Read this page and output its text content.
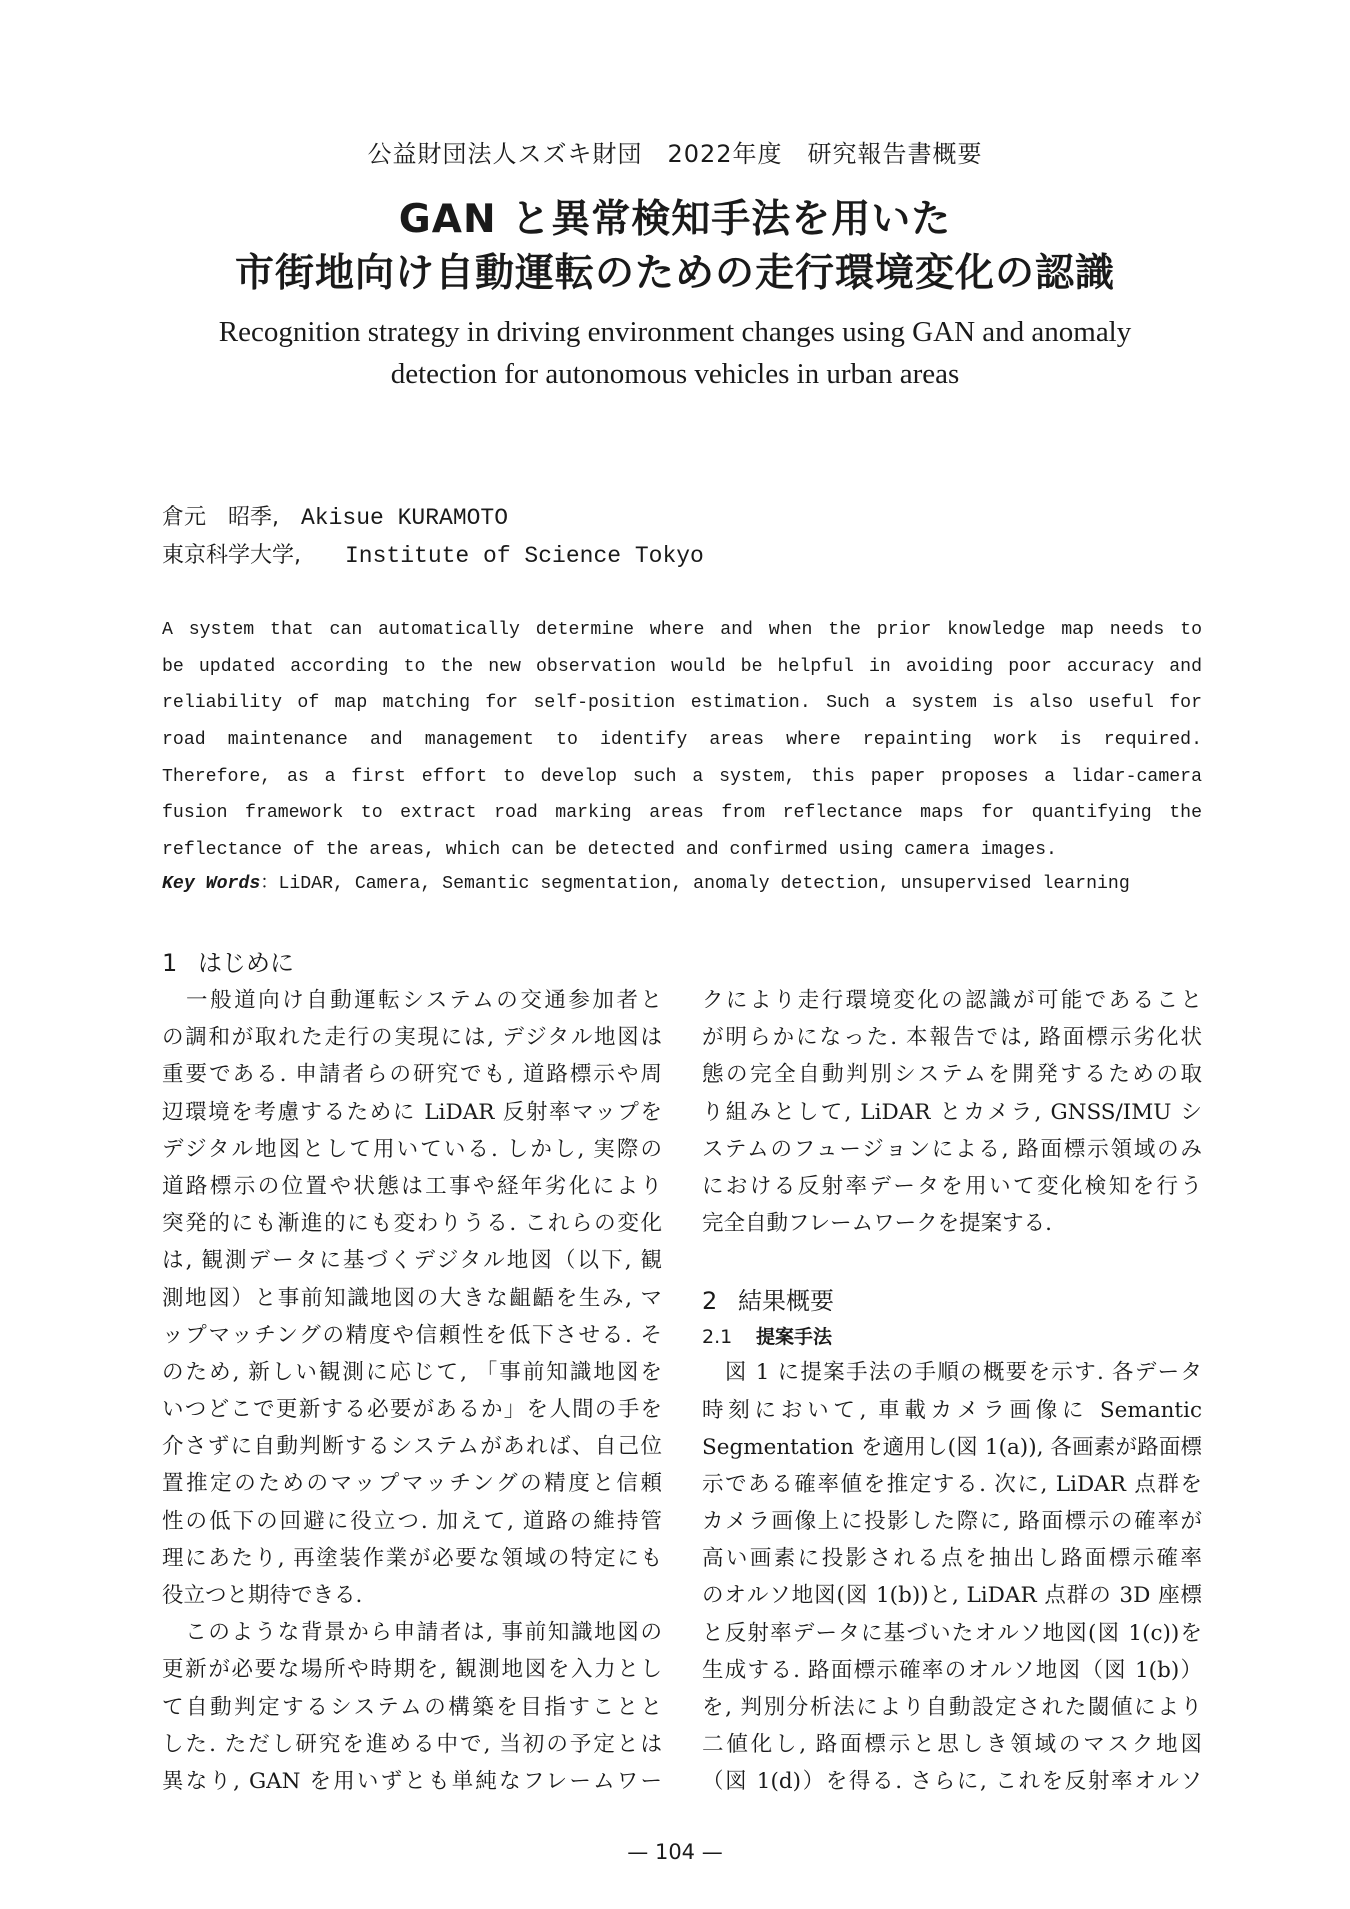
公益財団法人スズキ財団　2022年度　研究報告書概要
GAN と異常検知手法を用いた
市街地向け自動運転のための走行環境変化の認識
Recognition strategy in driving environment changes using GAN and anomaly
detection for autonomous vehicles in urban areas
倉元　昭季, Akisue KURAMOTO
東京科学大学, Institute of Science Tokyo
A system that can automatically determine where and when the prior knowledge map needs to
be updated according to the new observation would be helpful in avoiding poor accuracy and
reliability of map matching for self-position estimation. Such a system is also useful for
road maintenance and management to identify areas where repainting work is required.
Therefore, as a first effort to develop such a system, this paper proposes a lidar-camera
fusion framework to extract road marking areas from reflectance maps for quantifying the
reflectance of the areas, which can be detected and confirmed using camera images.
Key Words：LiDAR, Camera, Semantic segmentation, anomaly detection, unsupervised learning
1 はじめに
　一般道向け自動運転システムの交通参加者と
の調和が取れた走行の実現には, デジタル地図は
重要である. 申請者らの研究でも, 道路標示や周
辺環境を考慮するために LiDAR 反射率マップを
デジタル地図として用いている. しかし, 実際の
道路標示の位置や状態は工事や経年劣化により
突発的にも漸進的にも変わりうる. これらの変化
は, 観測データに基づくデジタル地図（以下, 観
測地図）と事前知識地図の大きな齟齬を生み, マ
ップマッチングの精度や信頼性を低下させる. そ
のため, 新しい観測に応じて, 「事前知識地図を
いつどこで更新する必要があるか」を人間の手を
介さずに自動判断するシステムがあれば、自己位
置推定のためのマップマッチングの精度と信頼
性の低下の回避に役立つ. 加えて, 道路の維持管
理にあたり, 再塗装作業が必要な領域の特定にも
役立つと期待できる.
　このような背景から申請者は, 事前知識地図の
更新が必要な場所や時期を, 観測地図を入力とし
て自動判定するシステムの構築を目指すことと
した. ただし研究を進める中で, 当初の予定とは
異なり, GAN を用いずとも単純なフレームワー
クにより走行環境変化の認識が可能であること
が明らかになった. 本報告では, 路面標示劣化状
態の完全自動判別システムを開発するための取
り組みとして, LiDAR とカメラ, GNSS/IMU シ
ステムのフュージョンによる, 路面標示領域のみ
における反射率データを用いて変化検知を行う
完全自動フレームワークを提案する.
2 結果概要
2.1 提案手法
　図 1 に提案手法の手順の概要を示す. 各データ
時刻において, 車載カメラ画像に Semantic
Segmentation を適用し(図 1(a)), 各画素が路面標
示である確率値を推定する. 次に, LiDAR 点群を
カメラ画像上に投影した際に, 路面標示の確率が
高い画素に投影される点を抽出し路面標示確率
のオルソ地図(図 1(b))と, LiDAR 点群の 3D 座標
と反射率データに基づいたオルソ地図(図 1(c))を
生成する. 路面標示確率のオルソ地図（図 1(b)）
を, 判別分析法により自動設定された閾値により
二値化し, 路面標示と思しき領域のマスク地図
（図 1(d)）を得る. さらに, これを反射率オルソ
— 104 —
